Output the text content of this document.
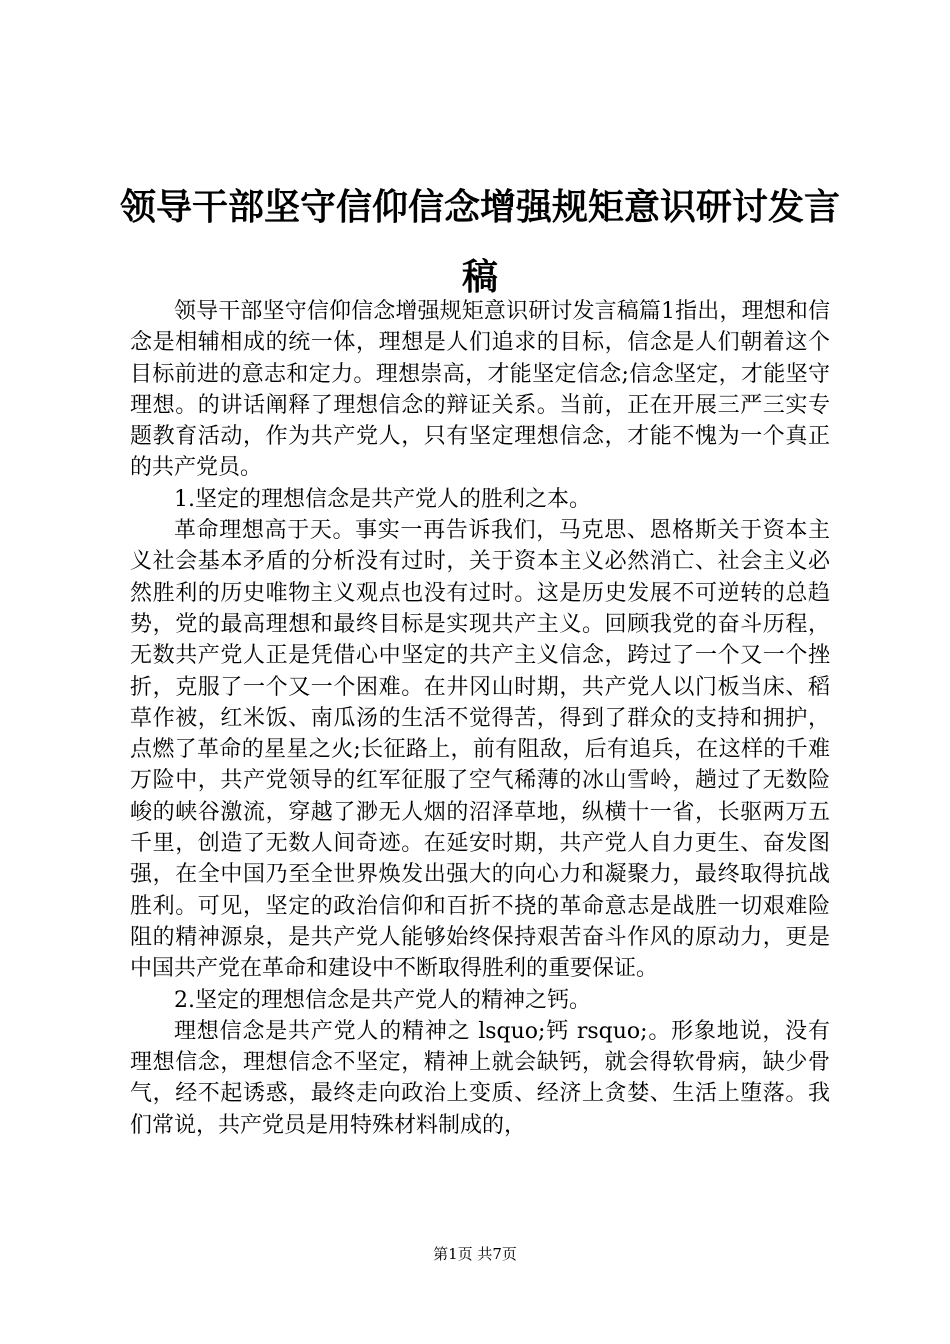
领导干部坚守信仰信念增强规矩意识研讨发言稿

领导干部坚守信仰信念增强规矩意识研讨发言稿篇1指出，理想和信念是相辅相成的统一体，理想是人们追求的目标，信念是人们朝着这个目标前进的意志和定力。理想崇高，才能坚定信念;信念坚定，才能坚守理想。的讲话阐释了理想信念的辩证关系。当前，正在开展三严三实专题教育活动，作为共产党人，只有坚定理想信念，才能不愧为一个真正的共产党员。

1.坚定的理想信念是共产党人的胜利之本。

革命理想高于天。事实一再告诉我们，马克思、恩格斯关于资本主义社会基本矛盾的分析没有过时，关于资本主义必然消亡、社会主义必然胜利的历史唯物主义观点也没有过时。这是历史发展不可逆转的总趋势，党的最高理想和最终目标是实现共产主义。回顾我党的奋斗历程，无数共产党人正是凭借心中坚定的共产主义信念，跨过了一个又一个挫折，克服了一个又一个困难。在井冈山时期，共产党人以门板当床、稻草作被，红米饭、南瓜汤的生活不觉得苦，得到了群众的支持和拥护，点燃了革命的星星之火;长征路上，前有阻敌，后有追兵，在这样的千难万险中，共产党领导的红军征服了空气稀薄的冰山雪岭，趟过了无数险峻的峡谷激流，穿越了渺无人烟的沼泽草地，纵横十一省，长驱两万五千里，创造了无数人间奇迹。在延安时期，共产党人自力更生、奋发图强，在全中国乃至全世界焕发出强大的向心力和凝聚力，最终取得抗战胜利。可见，坚定的政治信仰和百折不挠的革命意志是战胜一切艰难险阻的精神源泉，是共产党人能够始终保持艰苦奋斗作风的原动力，更是中国共产党在革命和建设中不断取得胜利的重要保证。

2.坚定的理想信念是共产党人的精神之钙。

理想信念是共产党人的精神之 lsquo;钙 rsquo;。形象地说，没有理想信念，理想信念不坚定，精神上就会缺钙，就会得软骨病，缺少骨气，经不起诱惑，最终走向政治上变质、经济上贪婪、生活上堕落。我们常说，共产党员是用特殊材料制成的，

第1页 共7页
